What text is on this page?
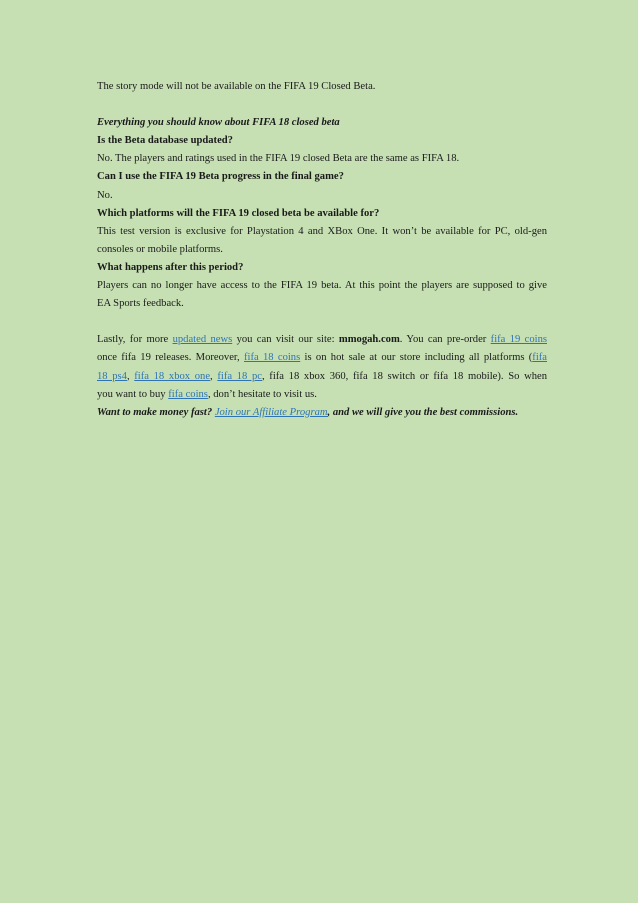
The story mode will not be available on the FIFA 19 Closed Beta.
Everything you should know about FIFA 18 closed beta
Is the Beta database updated?
No. The players and ratings used in the FIFA 19 closed Beta are the same as FIFA 18.
Can I use the FIFA 19 Beta progress in the final game?
No.
Which platforms will the FIFA 19 closed beta be available for?
This test version is exclusive for Playstation 4 and XBox One. It won’t be available for PC, old-gen
consoles or mobile platforms.
What happens after this period?
Players can no longer have access to the FIFA 19 beta. At this point the players are supposed to give
EA Sports feedback.
Lastly, for more updated news you can visit our site: mmogah.com. You can pre-order fifa 19 coins
once fifa 19 releases. Moreover, fifa 18 coins is on hot sale at our store including all platforms (fifa
18 ps4, fifa 18 xbox one, fifa 18 pc, fifa 18 xbox 360, fifa 18 switch or fifa 18 mobile). So when
you want to buy fifa coins, don’t hesitate to visit us.
Want to make money fast? Join our Affiliate Program, and we will give you the best commissions.
